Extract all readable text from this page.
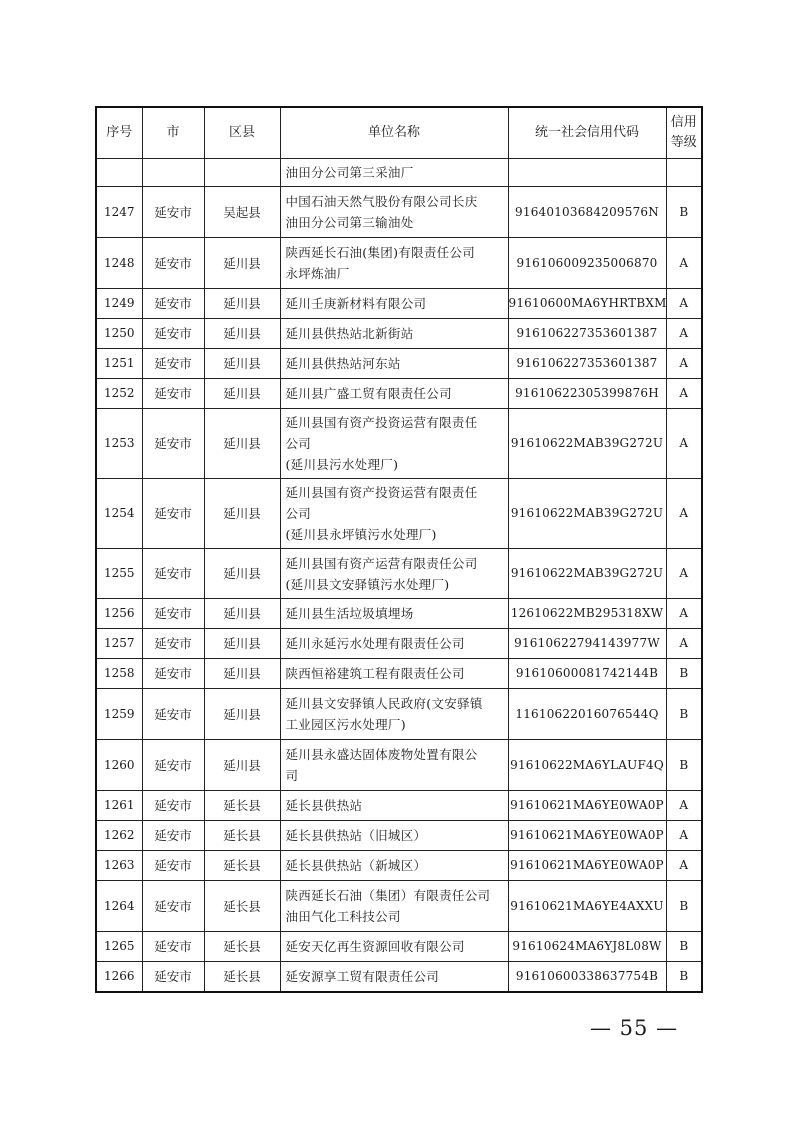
序号	市	区县	单位名称	统一社会信用代码	信用
等级

			油田分公司第三采油厂		

1247	延安市	吴起县	中国石油天然气股份有限公司长庆
油田分公司第三输油处	91640103684209576N	B
1248	延安市	延川县	陕西延长石油(集团)有限责任公司
永坪炼油厂	916106009235006870	A
1249	延安市	延川县	延川壬庚新材料有限公司	91610600MA6YHRTBXM	A
1250	延安市	延川县	延川县供热站北新街站	916106227353601387	A
1251	延安市	延川县	延川县供热站河东站	916106227353601387	A
1252	延安市	延川县	延川县广盛工贸有限责任公司	91610622305399876H	A
1253	延安市	延川县	延川县国有资产投资运营有限责任
公司
(延川县污水处理厂)	91610622MAB39G272U	A
1254	延安市	延川县	延川县国有资产投资运营有限责任
公司
(延川县永坪镇污水处理厂)	91610622MAB39G272U	A
1255	延安市	延川县	延川县国有资产运营有限责任公司
(延川县文安驿镇污水处理厂)	91610622MAB39G272U	A
1256	延安市	延川县	延川县生活垃圾填埋场	12610622MB295318XW	A
1257	延安市	延川县	延川永延污水处理有限责任公司	91610622794143977W	A
1258	延安市	延川县	陕西恒裕建筑工程有限责任公司	91610600081742144B	B
1259	延安市	延川县	延川县文安驿镇人民政府(文安驿镇
工业园区污水处理厂)	11610622016076544Q	B
1260	延安市	延川县	延川县永盛达固体废物处置有限公
司	91610622MA6YLAUF4Q	B
1261	延安市	延长县	延长县供热站	91610621MA6YE0WA0P	A
1262	延安市	延长县	延长县供热站（旧城区）	91610621MA6YE0WA0P	A
1263	延安市	延长县	延长县供热站（新城区）	91610621MA6YE0WA0P	A
1264	延安市	延长县	陕西延长石油（集团）有限责任公司
油田气化工科技公司	91610621MA6YE4AXXU	B
1265	延安市	延长县	延安天亿再生资源回收有限公司	91610624MA6YJ8L08W	B
1266	延安市	延长县	延安源享工贸有限责任公司	91610600338637754B	B
— 55 —
